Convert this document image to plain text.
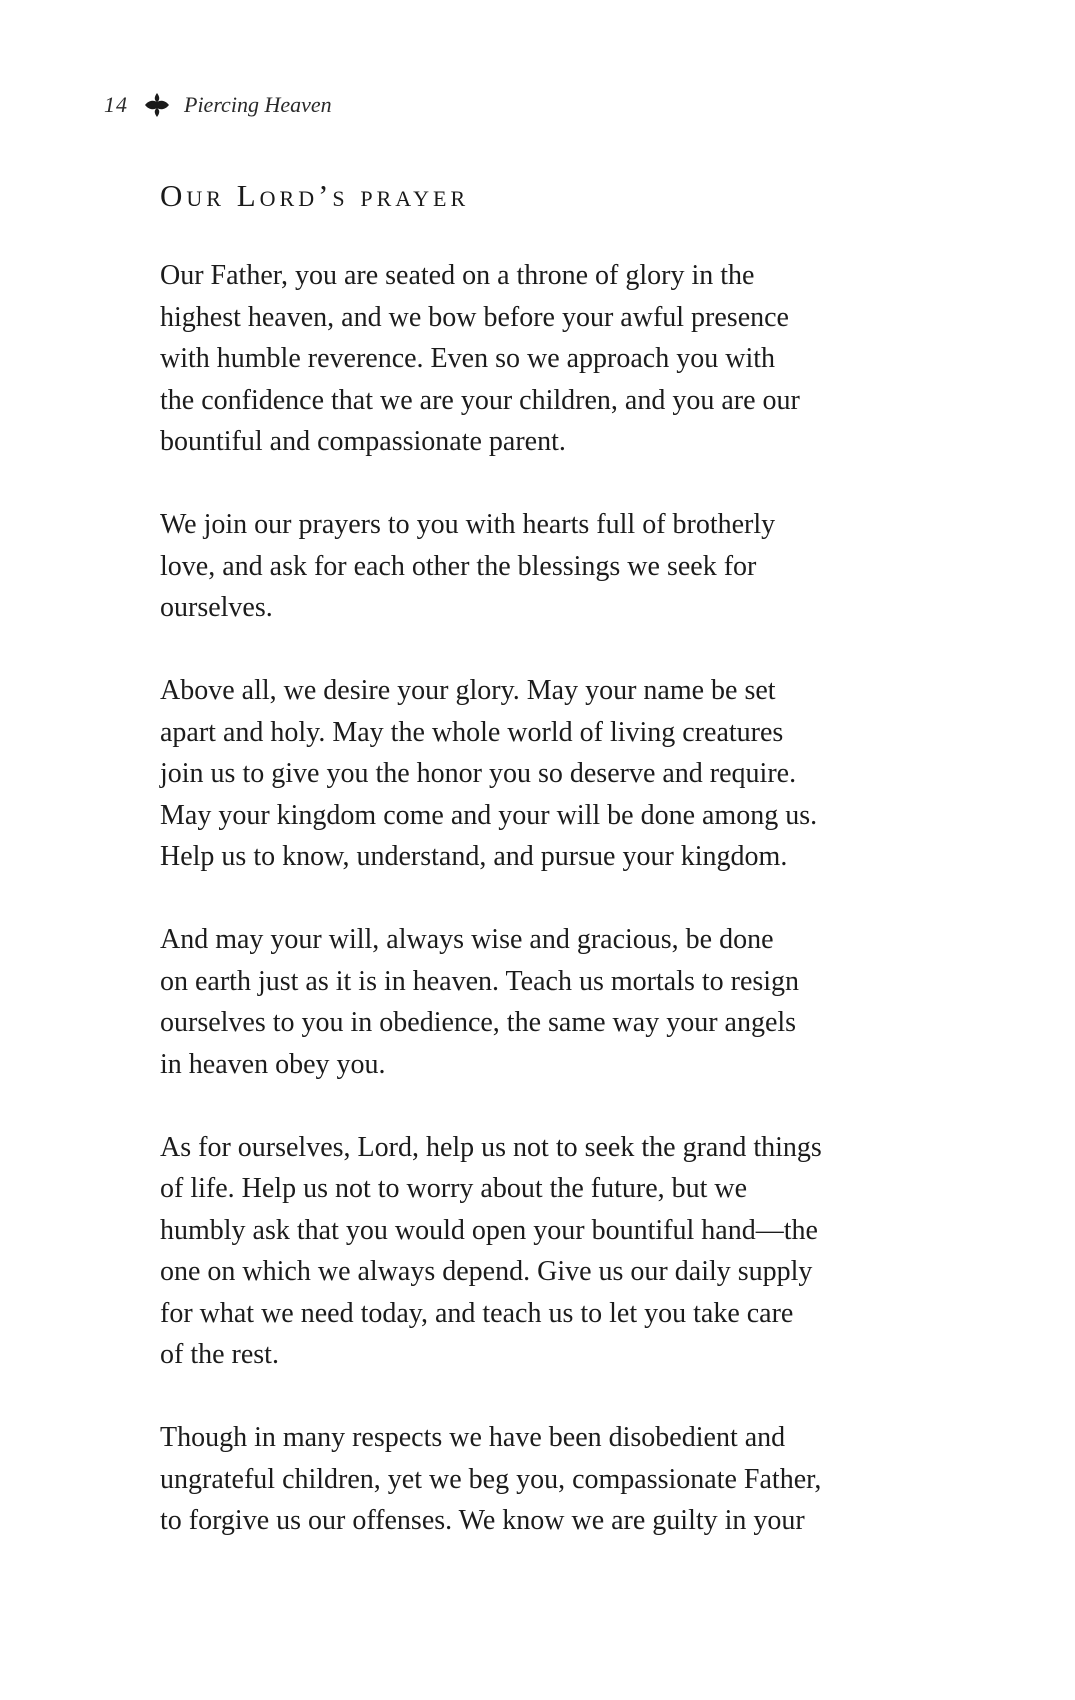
14	Piercing Heaven
Our Lord’s prayer

Our Father, you are seated on a throne of glory in the
highest heaven, and we bow before your awful presence
with humble reverence. Even so we approach you with
the confidence that we are your children, and you are our
bountiful and compassionate parent.

We join our prayers to you with hearts full of brotherly
love, and ask for each other the blessings we seek for
ourselves.

Above all, we desire your glory. May your name be set
apart and holy. May the whole world of living creatures
join us to give you the honor you so deserve and require.
May your kingdom come and your will be done among us.
Help us to know, understand, and pursue your kingdom.

And may your will, always wise and gracious, be done
on earth just as it is in heaven. Teach us mortals to resign
ourselves to you in obedience, the same way your angels
in heaven obey you.

As for ourselves, Lord, help us not to seek the grand things
of life. Help us not to worry about the future, but we
humbly ask that you would open your bountiful hand—the
one on which we always depend. Give us our daily supply
for what we need today, and teach us to let you take care
of the rest.

Though in many respects we have been disobedient and
ungrateful children, yet we beg you, compassionate Father,
to forgive us our offenses. We know we are guilty in your
